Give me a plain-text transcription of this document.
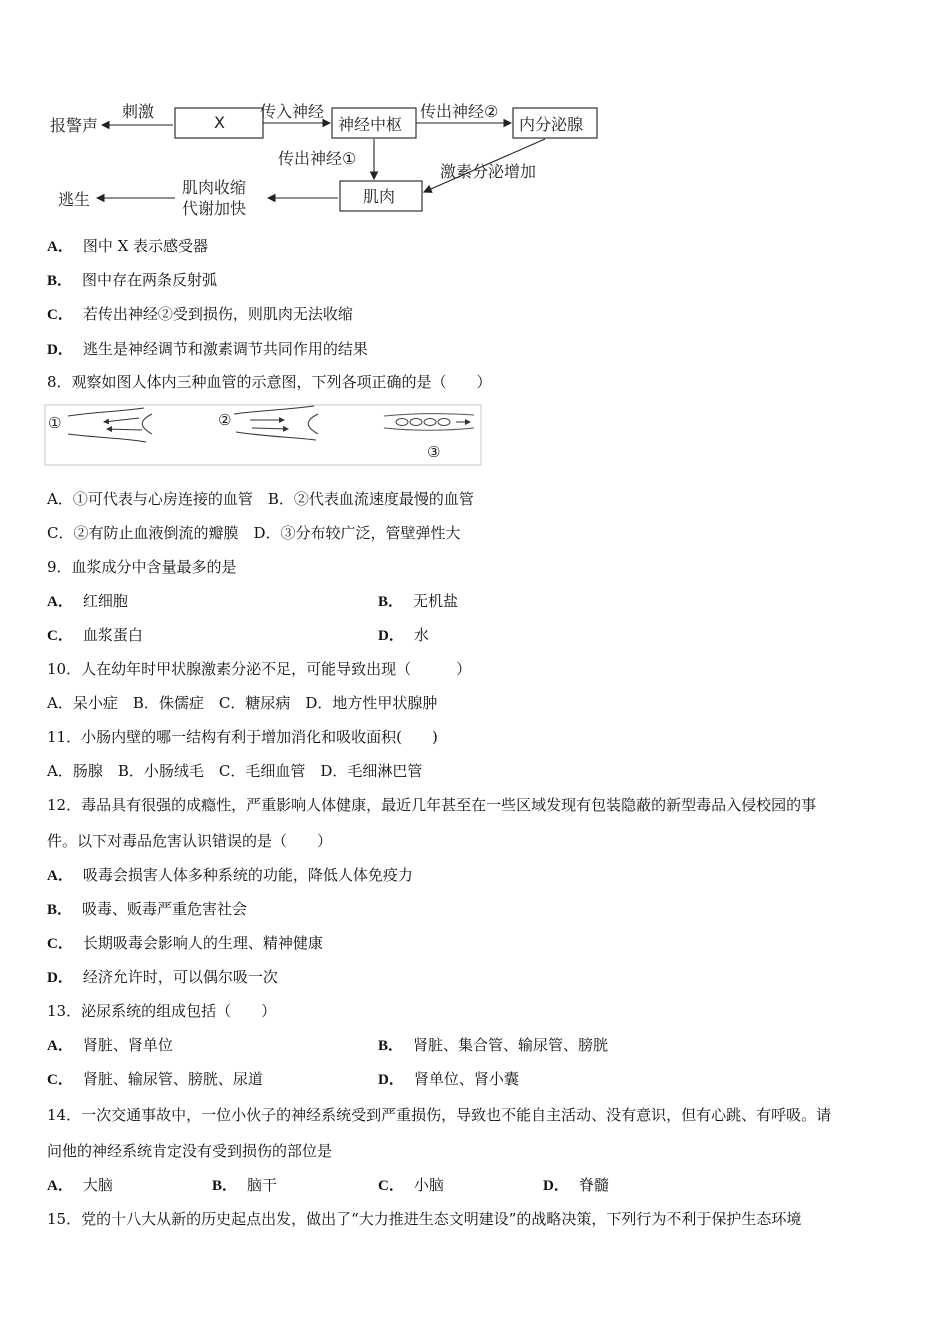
报警声
刺激
X
传入神经
神经中枢
传出神经②
内分泌腺
传出神经①
激素分泌增加
肌肉
肌肉收缩
代谢加快
逃生
A． 图中 X 表示感受器
B． 图中存在两条反射弧
C． 若传出神经②受到损伤，则肌肉无法收缩
D． 逃生是神经调节和激素调节共同作用的结果
8．观察如图人体内三种血管的示意图，下列各项正确的是（　　）
①	②
③
A．①可代表与心房连接的血管　B．②代表血流速度最慢的血管
C．②有防止血液倒流的瓣膜　D．③分布较广泛，管壁弹性大
9．血浆成分中含量最多的是
A． 红细胞	B． 无机盐
C． 血浆蛋白	D． 水
10．人在幼年时甲状腺激素分泌不足，可能导致出现（　　　）
A．呆小症　B．侏儒症　C．糖尿病　D．地方性甲状腺肿
11．小肠内壁的哪一结构有利于增加消化和吸收面积(　　)
A．肠腺　B．小肠绒毛　C．毛细血管　D．毛细淋巴管
12．毒品具有很强的成瘾性，严重影响人体健康，最近几年甚至在一些区域发现有包装隐蔽的新型毒品入侵校园的事
件。以下对毒品危害认识错误的是（　　）
A． 吸毒会损害人体多种系统的功能，降低人体免疫力
B． 吸毒、贩毒严重危害社会
C． 长期吸毒会影响人的生理、精神健康
D． 经济允许时，可以偶尔吸一次
13．泌尿系统的组成包括（　　）
A． 肾脏、肾单位	B． 肾脏、集合管、输尿管、膀胱
C． 肾脏、输尿管、膀胱、尿道	D． 肾单位、肾小囊
14．一次交通事故中，一位小伙子的神经系统受到严重损伤，导致也不能自主活动、没有意识，但有心跳、有呼吸。请
问他的神经系统肯定没有受到损伤的部位是
A． 大脑	B． 脑干	C． 小脑	D． 脊髓
15．党的十八大从新的历史起点出发，做出了“大力推进生态文明建设”的战略决策，下列行为不利于保护生态环境
